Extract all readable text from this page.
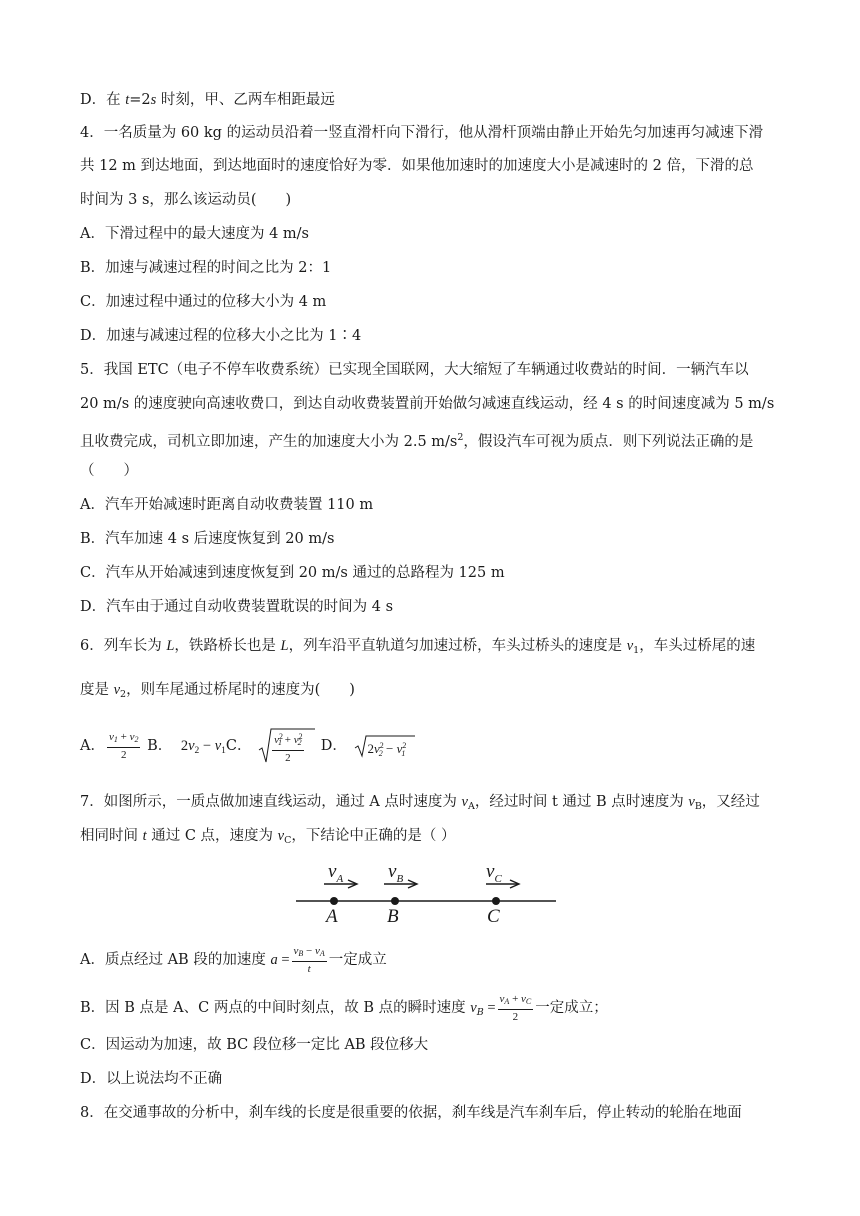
D．在 t=2s 时刻，甲、乙两车相距最远
4．一名质量为 60 kg 的运动员沿着一竖直滑杆向下滑行，他从滑杆顶端由静止开始先匀加速再匀减速下滑
共 12 m 到达地面，到达地面时的速度恰好为零．如果他加速时的加速度大小是减速时的 2 倍，下滑的总
时间为 3 s，那么该运动员(　　)
A．下滑过程中的最大速度为 4 m/s
B．加速与减速过程的时间之比为 2：1
C．加速过程中通过的位移大小为 4 m
D．加速与减速过程的位移大小之比为 1∶4
5．我国 ETC（电子不停车收费系统）已实现全国联网，大大缩短了车辆通过收费站的时间．一辆汽车以
20 m/s 的速度驶向高速收费口，到达自动收费装置前开始做匀减速直线运动，经 4 s 的时间速度减为 5 m/s
且收费完成，司机立即加速，产生的加速度大小为 2.5 $m/s^2$，假设汽车可视为质点．则下列说法正确的是
（　　）
A．汽车开始减速时距离自动收费装置 110 m
B．汽车加速 4 s 后速度恢复到 20 m/s
C．汽车从开始减速到速度恢复到 20 m/s 通过的总路程为 125 m
D．汽车由于通过自动收费装置耽误的时间为 4 s
6．列车长为 L，铁路桥长也是 L，列车沿平直轨道匀加速过桥，车头过桥头的速度是 $v_1$，车头过桥尾的速
度是 $v_2$，则车尾通过桥尾时的速度为(　　)
A． $\frac{v1 + v2}{2}$ B． $2v_2 - v_1C$． $\frac{v^21 + v^22}{2}$ D． $2v^2_2 - v^2_1$
7．如图所示，一质点做加速直线运动，通过 A 点时速度为 $v_A$，经过时间 t 通过 B 点时速度为 $v_B$，又经过
相同时间 t 通过 C 点，速度为 $v_C$，下结论中正确的是（ ）
$v_A$
A
$v_B$
B
$v_C$
C
A．质点经过 AB 段的加速度 $a = \frac{vB - vA}{t}$ 一定成立
B．因 B 点是 A、C 两点的中间时刻点，故 B 点的瞬时速度 $v_B = \frac{vA + vC}{2}$ 一定成立；
C．因运动为加速，故 BC 段位移一定比 AB 段位移大
D．以上说法均不正确
8．在交通事故的分析中，刹车线的长度是很重要的依据，刹车线是汽车刹车后，停止转动的轮胎在地面
